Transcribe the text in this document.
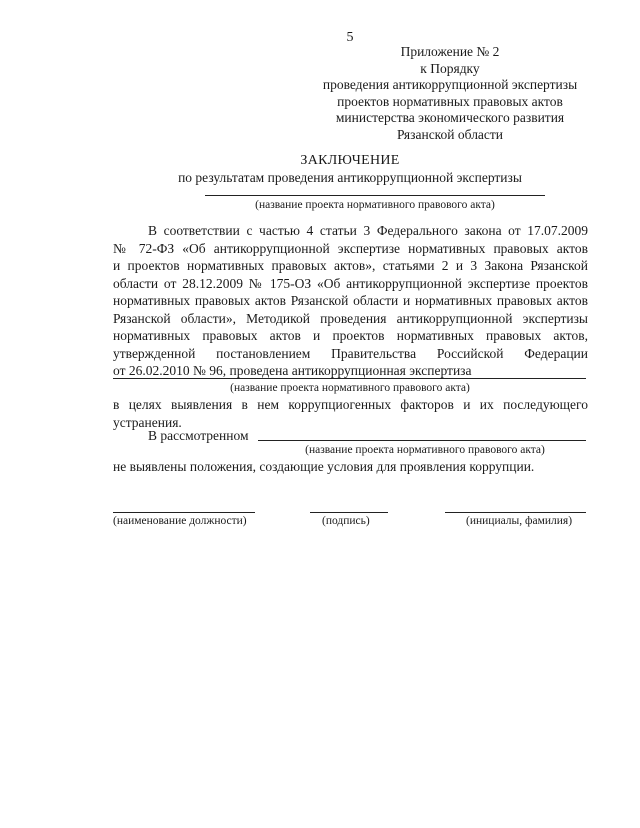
5
Приложение № 2
к Порядку
проведения антикоррупционной экспертизы
проектов нормативных правовых актов
министерства экономического развития
Рязанской области
ЗАКЛЮЧЕНИЕ
по результатам проведения антикоррупционной экспертизы
(название проекта нормативного правового акта)
В соответствии с частью 4 статьи 3 Федерального закона от 17.07.2009
№ 72-ФЗ «Об антикоррупционной экспертизе нормативных правовых актов
и проектов нормативных правовых актов», статьями 2 и 3 Закона Рязанской
области от 28.12.2009 № 175-ОЗ «Об антикоррупционной экспертизе проектов
нормативных правовых актов Рязанской области и нормативных правовых актов
Рязанской области», Методикой проведения антикоррупционной экспертизы
нормативных правовых актов и проектов нормативных правовых актов,
утвержденной постановлением Правительства Российской Федерации
от 26.02.2010 № 96, проведена антикоррупционная экспертиза
(название проекта нормативного правового акта)
в целях выявления в нем коррупциогенных факторов и их последующего
устранения.
В рассмотренном
(название проекта нормативного правового акта)
не выявлены положения, создающие условия для проявления коррупции.
(наименование должности)	(подпись)	(инициалы, фамилия)
